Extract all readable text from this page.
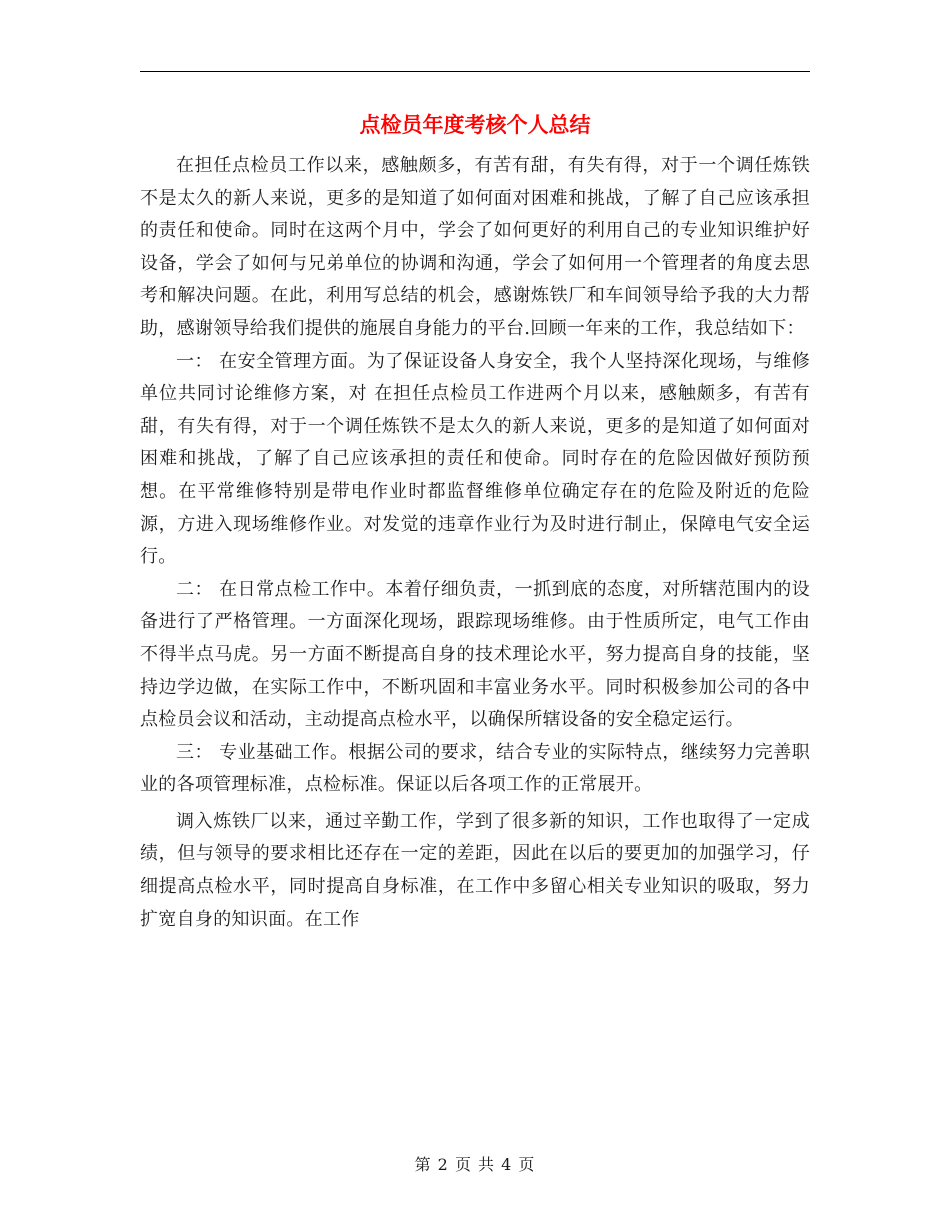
点检员年度考核个人总结

在担任点检员工作以来，感触颇多，有苦有甜，有失有得，对于一个调任炼铁不是太久的新人来说，更多的是知道了如何面对困难和挑战，了解了自己应该承担的责任和使命。同时在这两个月中，学会了如何更好的利用自己的专业知识维护好设备，学会了如何与兄弟单位的协调和沟通，学会了如何用一个管理者的角度去思考和解决问题。在此，利用写总结的机会，感谢炼铁厂和车间领导给予我的大力帮助，感谢领导给我们提供的施展自身能力的平台.回顾一年来的工作，我总结如下：

一： 在安全管理方面。为了保证设备人身安全，我个人坚持深化现场，与维修单位共同讨论维修方案，对 在担任点检员工作进两个月以来，感触颇多，有苦有甜，有失有得，对于一个调任炼铁不是太久的新人来说，更多的是知道了如何面对困难和挑战，了解了自己应该承担的责任和使命。同时存在的危险因做好预防预想。在平常维修特别是带电作业时都监督维修单位确定存在的危险及附近的危险源，方进入现场维修作业。对发觉的违章作业行为及时进行制止，保障电气安全运行。

二： 在日常点检工作中。本着仔细负责，一抓到底的态度，对所辖范围内的设备进行了严格管理。一方面深化现场，跟踪现场维修。由于性质所定，电气工作由不得半点马虎。另一方面不断提高自身的技术理论水平，努力提高自身的技能，坚持边学边做，在实际工作中，不断巩固和丰富业务水平。同时积极参加公司的各中点检员会议和活动，主动提高点检水平，以确保所辖设备的安全稳定运行。

三： 专业基础工作。根据公司的要求，结合专业的实际特点，继续努力完善职业的各项管理标准，点检标准。保证以后各项工作的正常展开。

调入炼铁厂以来，通过辛勤工作，学到了很多新的知识，工作也取得了一定成绩，但与领导的要求相比还存在一定的差距，因此在以后的要更加的加强学习，仔细提高点检水平，同时提高自身标准，在工作中多留心相关专业知识的吸取，努力扩宽自身的知识面。在工作

第 2 页 共 4 页
